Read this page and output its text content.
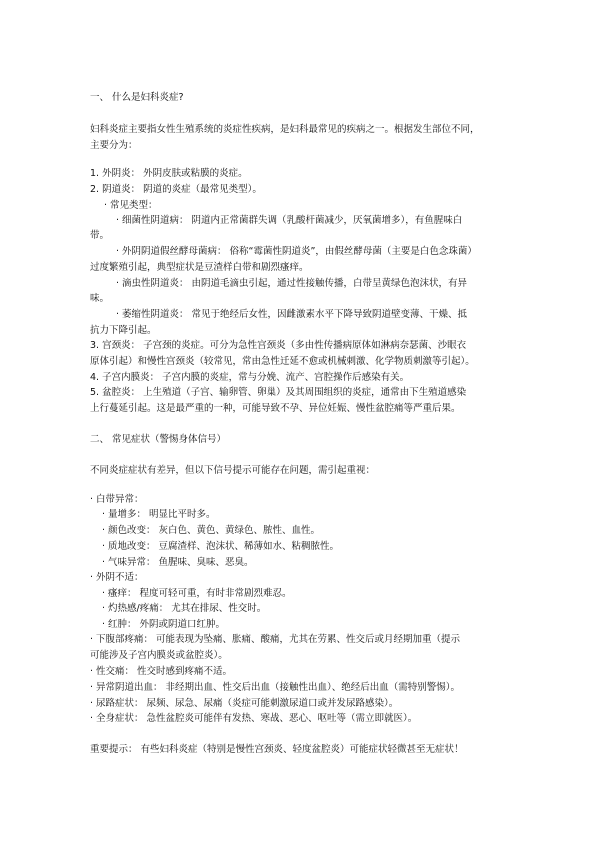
一、 什么是妇科炎症?
妇科炎症主要指女性生殖系统的炎症性疾病，是妇科最常见的疾病之一。根据发生部位不同，
主要分为：
1. 外阴炎： 外阴皮肤或粘膜的炎症。
2. 阴道炎： 阴道的炎症（最常见类型）。
· 常见类型：
· 细菌性阴道病： 阴道内正常菌群失调（乳酸杆菌减少，厌氧菌增多），有鱼腥味白
带。
· 外阴阴道假丝酵母菌病： 俗称“霉菌性阴道炎”，由假丝酵母菌（主要是白色念珠菌）
过度繁殖引起，典型症状是豆渣样白带和剧烈瘙痒。
· 滴虫性阴道炎： 由阴道毛滴虫引起，通过性接触传播，白带呈黄绿色泡沫状，有异
味。
· 萎缩性阴道炎： 常见于绝经后女性，因雌激素水平下降导致阴道壁变薄、干燥、抵
抗力下降引起。
3. 宫颈炎： 子宫颈的炎症。可分为急性宫颈炎（多由性传播病原体如淋病奈瑟菌、沙眼衣
原体引起）和慢性宫颈炎（较常见，常由急性迁延不愈或机械刺激、化学物质刺激等引起）。
4. 子宫内膜炎： 子宫内膜的炎症，常与分娩、流产、宫腔操作后感染有关。
5. 盆腔炎： 上生殖道（子宫、输卵管、卵巢）及其周围组织的炎症，通常由下生殖道感染
上行蔓延引起。这是最严重的一种，可能导致不孕、异位妊娠、慢性盆腔痛等严重后果。
二、 常见症状（警惕身体信号）
不同炎症症状有差异，但以下信号提示可能存在问题，需引起重视：
· 白带异常：
· 量增多： 明显比平时多。
· 颜色改变： 灰白色、黄色、黄绿色、脓性、血性。
· 质地改变： 豆腐渣样、泡沫状、稀薄如水、粘稠脓性。
· 气味异常： 鱼腥味、臭味、恶臭。
· 外阴不适：
· 瘙痒： 程度可轻可重，有时非常剧烈难忍。
· 灼热感/疼痛： 尤其在排尿、性交时。
· 红肿： 外阴或阴道口红肿。
· 下腹部疼痛： 可能表现为坠痛、胀痛、酸痛，尤其在劳累、性交后或月经期加重（提示
可能涉及子宫内膜炎或盆腔炎）。
· 性交痛： 性交时感到疼痛不适。
· 异常阴道出血： 非经期出血、性交后出血（接触性出血）、绝经后出血（需特别警惕）。
· 尿路症状： 尿频、尿急、尿痛（炎症可能刺激尿道口或并发尿路感染）。
· 全身症状： 急性盆腔炎可能伴有发热、寒战、恶心、呕吐等（需立即就医）。
重要提示： 有些妇科炎症（特别是慢性宫颈炎、轻度盆腔炎）可能症状轻微甚至无症状！
